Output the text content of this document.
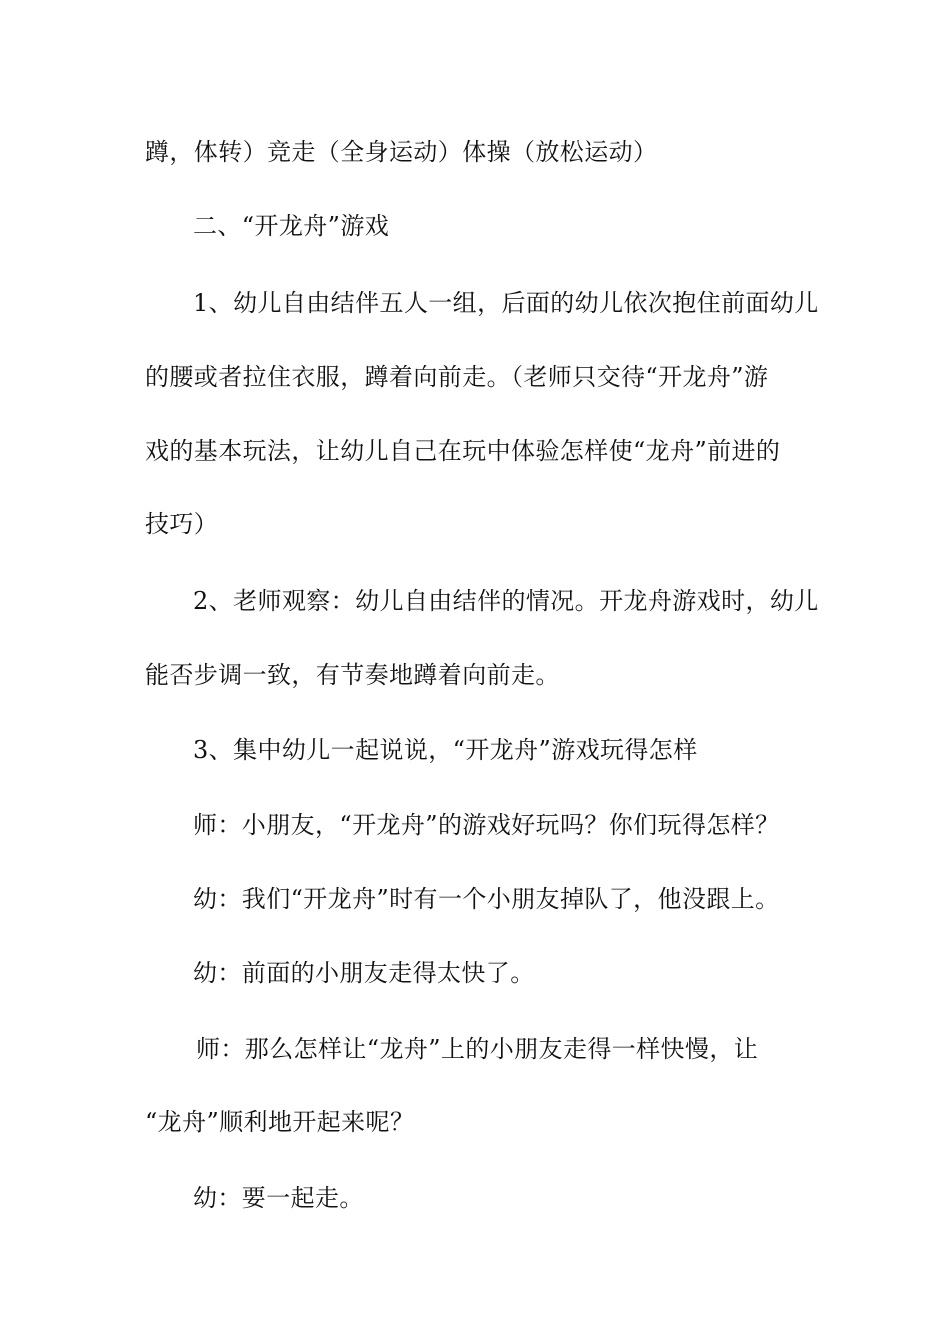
蹲，体转）竞走（全身运动）体操（放松运动）
二、“开龙舟”游戏
1、幼儿自由结伴五人一组，后面的幼儿依次抱住前面幼儿
的腰或者拉住衣服，蹲着向前走。（老师只交待“开龙舟”游
戏的基本玩法，让幼儿自己在玩中体验怎样使“龙舟”前进的
技巧）
2、老师观察：幼儿自由结伴的情况。开龙舟游戏时，幼儿
能否步调一致，有节奏地蹲着向前走。
3、集中幼儿一起说说，“开龙舟”游戏玩得怎样
师：小朋友，“开龙舟”的游戏好玩吗？你们玩得怎样？
幼：我们“开龙舟”时有一个小朋友掉队了，他没跟上。
幼：前面的小朋友走得太快了。
师：那么怎样让“龙舟”上的小朋友走得一样快慢，让
“龙舟”顺利地开起来呢？
幼：要一起走。
